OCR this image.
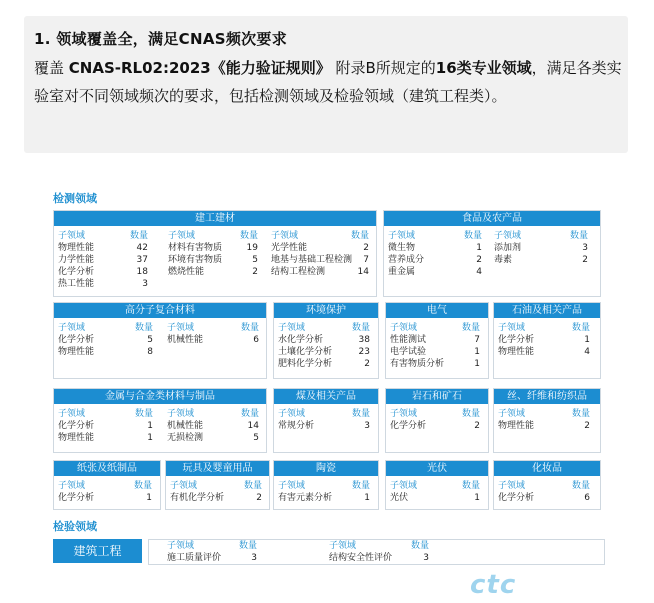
1. 领域覆盖全，满足CNAS频次要求
覆盖 CNAS-RL02:2023《能力验证规则》 附录B所规定的16类专业领域，满足各类实验室对不同领域频次的要求，包括检测领域及检验领域（建筑工程类）。
检测领域
建工建材
子领域	数量
物理性能	42
力学性能	37
化学分析	18
热工性能	3
子领域	数量
材料有害物质	19
环境有害物质	5
燃烧性能	2
子领域	数量
光学性能	2
地基与基础工程检测 7
结构工程检测	14
食品及农产品
子领域	数量
微生物	1
营养成分	2
重金属	4
子领域	数量
添加剂	3
毒素	2
高分子复合材料
子领域	数量
化学分析	5
物理性能	8
子领域	数量
机械性能	6
环境保护
子领域	数量
水化学分析	38
土壤化学分析	23
肥料化学分析	2
电气
子领域	数量
性能测试	7
电学试验	1
有害物质分析	1
石油及相关产品
子领域	数量
化学分析	1
物理性能	4
金属与合金类材料与制品
子领域	数量
化学分析	1
物理性能	1
子领域	数量
机械性能	14
无损检测	5
煤及相关产品
子领域	数量
常规分析	3
岩石和矿石
子领域	数量
化学分析	2
丝、纤维和纺织品
子领域	数量
物理性能	2
纸张及纸制品
子领域	数量
化学分析	1
玩具及婴童用品
子领域	数量
有机化学分析	2
陶瓷
子领域	数量
有害元素分析	1
光伏
子领域	数量
光伏	1
化妆品
子领域	数量
化学分析	6
检验领域
建筑工程	子领域	数量
施工质量评价	3
子领域	数量
结构安全性评价	3
ctc
